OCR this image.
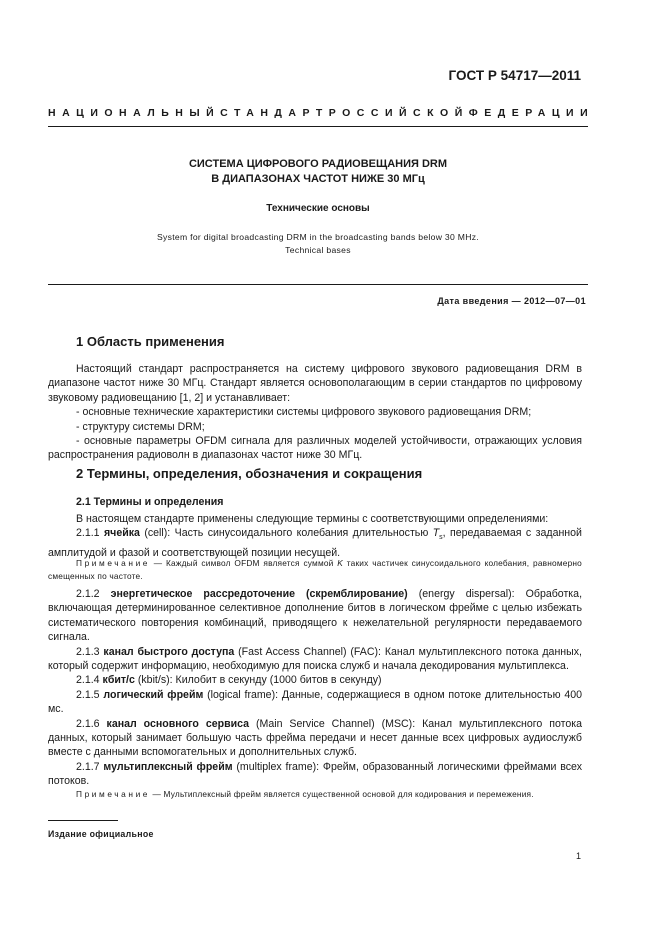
ГОСТ Р 54717—2011
НАЦИОНАЛЬНЫЙ СТАНДАРТ РОССИЙСКОЙ ФЕДЕРАЦИИ
СИСТЕМА ЦИФРОВОГО РАДИОВЕЩАНИЯ DRM
В ДИАПАЗОНАХ ЧАСТОТ НИЖЕ 30 МГц
Технические основы
System for digital broadcasting DRM in the broadcasting bands below 30 MHz.
Technical bases
Дата введения — 2012—07—01
1 Область применения

Настоящий стандарт распространяется на систему цифрового звукового радиовещания DRM в диапазоне частот ниже 30 МГц. Стандарт является основополагающим в серии стандартов по цифровому звуковому радиовещанию [1, 2] и устанавливает:

- основные технические характеристики системы цифрового звукового радиовещания DRM;

- структуру системы DRM;

- основные параметры OFDM сигнала для различных моделей устойчивости, отражающих условия распространения радиоволн в диапазонах частот ниже 30 МГц.

2 Термины, определения, обозначения и сокращения
2.1 Термины и определения

В настоящем стандарте применены следующие термины с соответствующими определениями:

2.1.1 ячейка (cell): Часть синусоидального колебания длительностью $T_s$, передаваемая с заданной амплитудой и фазой и соответствующей позиции несущей.

Примечание — Каждый символ OFDM является суммой K таких частичек синусоидального колебания, равномерно смещенных по частоте.

2.1.2 энергетическое рассредоточение (скремблирование) (energy dispersal): Обработка, включающая детерминированное селективное дополнение битов в логическом фрейме с целью избежать систематического повторения комбинаций, приводящего к нежелательной регулярности передаваемого сигнала.

2.1.3 канал быстрого доступа (Fast Access Channel) (FAC): Канал мультиплексного потока данных, который содержит информацию, необходимую для поиска служб и начала декодирования мультиплекса.

2.1.4 кбит/с (kbit/s): Килобит в секунду (1000 битов в секунду)

2.1.5 логический фрейм (logical frame): Данные, содержащиеся в одном потоке длительностью 400 мс.

2.1.6 канал основного сервиса (Main Service Channel) (MSC): Канал мультиплексного потока данных, который занимает большую часть фрейма передачи и несет данные всех цифровых аудиослужб вместе с данными вспомогательных и дополнительных служб.

2.1.7 мультиплексный фрейм (multiplex frame): Фрейм, образованный логическими фреймами всех потоков.

Примечание — Мультиплексный фрейм является существенной основой для кодирования и перемежения.

Издание официальное
1
